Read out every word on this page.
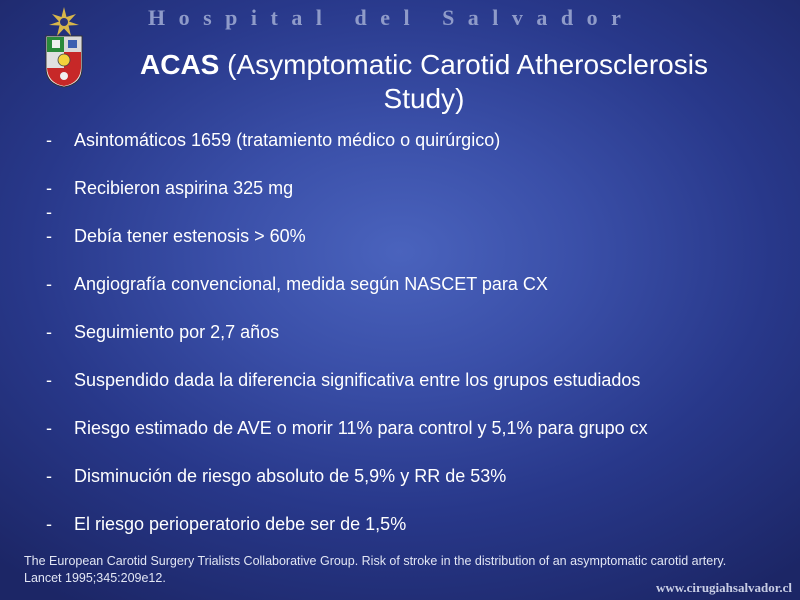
Hospital del Salvador
ACAS (Asymptomatic Carotid Atherosclerosis Study)
- Asintomáticos 1659 (tratamiento médico o quirúrgico)
- Recibieron aspirina 325 mg
-
- Debía tener estenosis > 60%
- Angiografía convencional, medida según NASCET para CX
- Seguimiento por 2,7 años
- Suspendido dada la diferencia significativa entre los grupos estudiados
- Riesgo estimado de AVE o morir 11% para control y 5,1% para grupo cx
- Disminución de riesgo absoluto de 5,9% y RR de 53%
- El riesgo perioperatorio debe ser de 1,5%
The European Carotid Surgery Trialists Collaborative Group. Risk of stroke in the distribution of an asymptomatic carotid artery.
Lancet 1995;345:209e12.
www.cirugiahsalvador.cl
